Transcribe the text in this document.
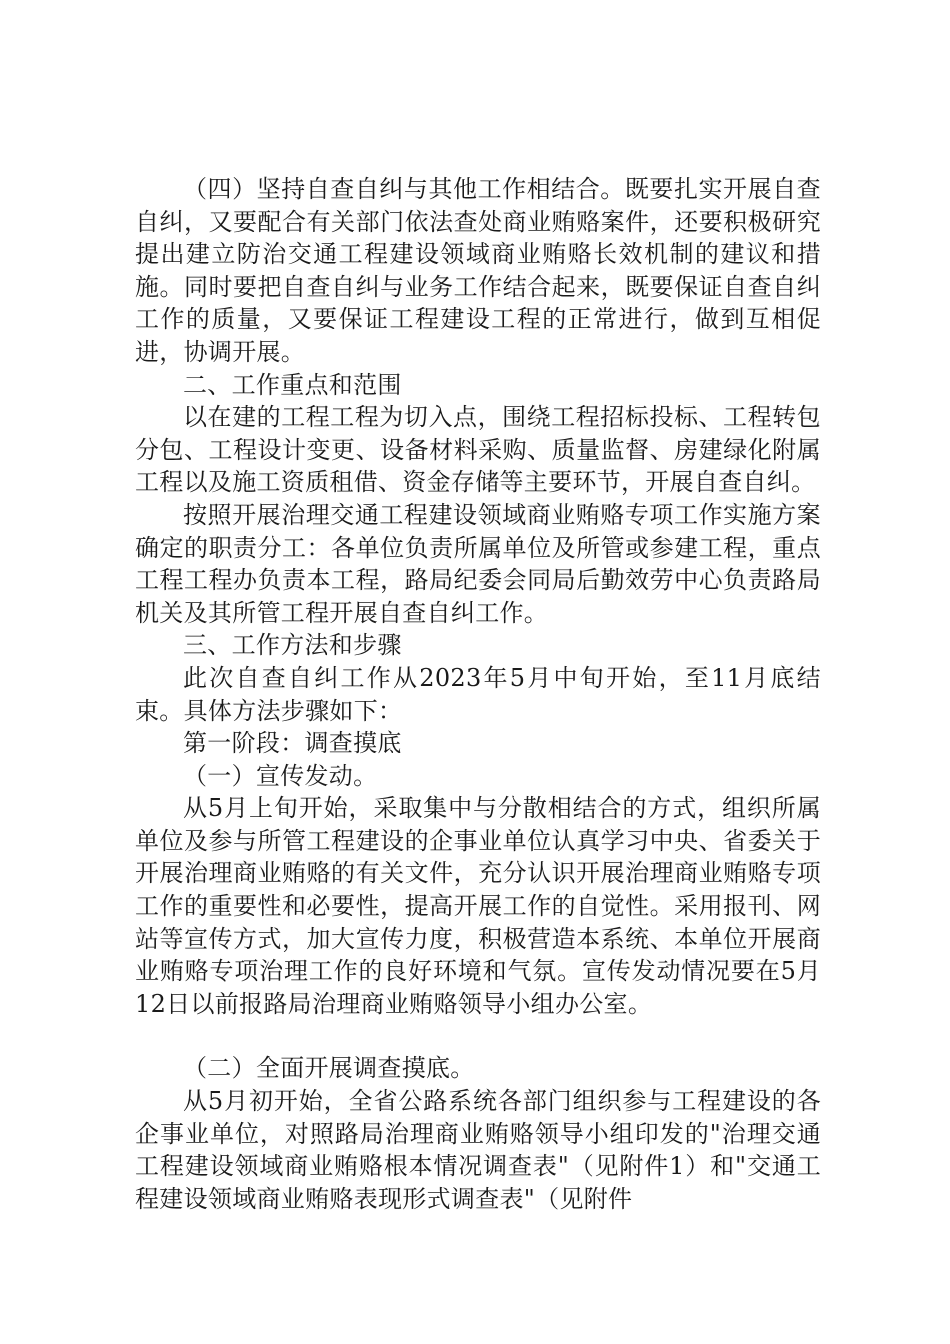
（四）坚持自查自纠与其他工作相结合。既要扎实开展自查自纠，又要配合有关部门依法查处商业贿赂案件，还要积极研究提出建立防治交通工程建设领域商业贿赂长效机制的建议和措施。同时要把自查自纠与业务工作结合起来，既要保证自查自纠工作的质量，又要保证工程建设工程的正常进行，做到互相促进，协调开展。

二、工作重点和范围

以在建的工程工程为切入点，围绕工程招标投标、工程转包分包、工程设计变更、设备材料采购、质量监督、房建绿化附属工程以及施工资质租借、资金存储等主要环节，开展自查自纠。

按照开展治理交通工程建设领域商业贿赂专项工作实施方案确定的职责分工：各单位负责所属单位及所管或参建工程，重点工程工程办负责本工程，路局纪委会同局后勤效劳中心负责路局机关及其所管工程开展自查自纠工作。

三、工作方法和步骤

此次自查自纠工作从2023年5月中旬开始，至11月底结束。具体方法步骤如下：

第一阶段：调查摸底

（一）宣传发动。

从5月上旬开始，采取集中与分散相结合的方式，组织所属单位及参与所管工程建设的企事业单位认真学习中央、省委关于开展治理商业贿赂的有关文件，充分认识开展治理商业贿赂专项工作的重要性和必要性，提高开展工作的自觉性。采用报刊、网站等宣传方式，加大宣传力度，积极营造本系统、本单位开展商业贿赂专项治理工作的良好环境和气氛。宣传发动情况要在5月12日以前报路局治理商业贿赂领导小组办公室。

（二）全面开展调查摸底。

从5月初开始，全省公路系统各部门组织参与工程建设的各企事业单位，对照路局治理商业贿赂领导小组印发的"治理交通工程建设领域商业贿赂根本情况调查表"（见附件1）和"交通工程建设领域商业贿赂表现形式调查表"（见附件
